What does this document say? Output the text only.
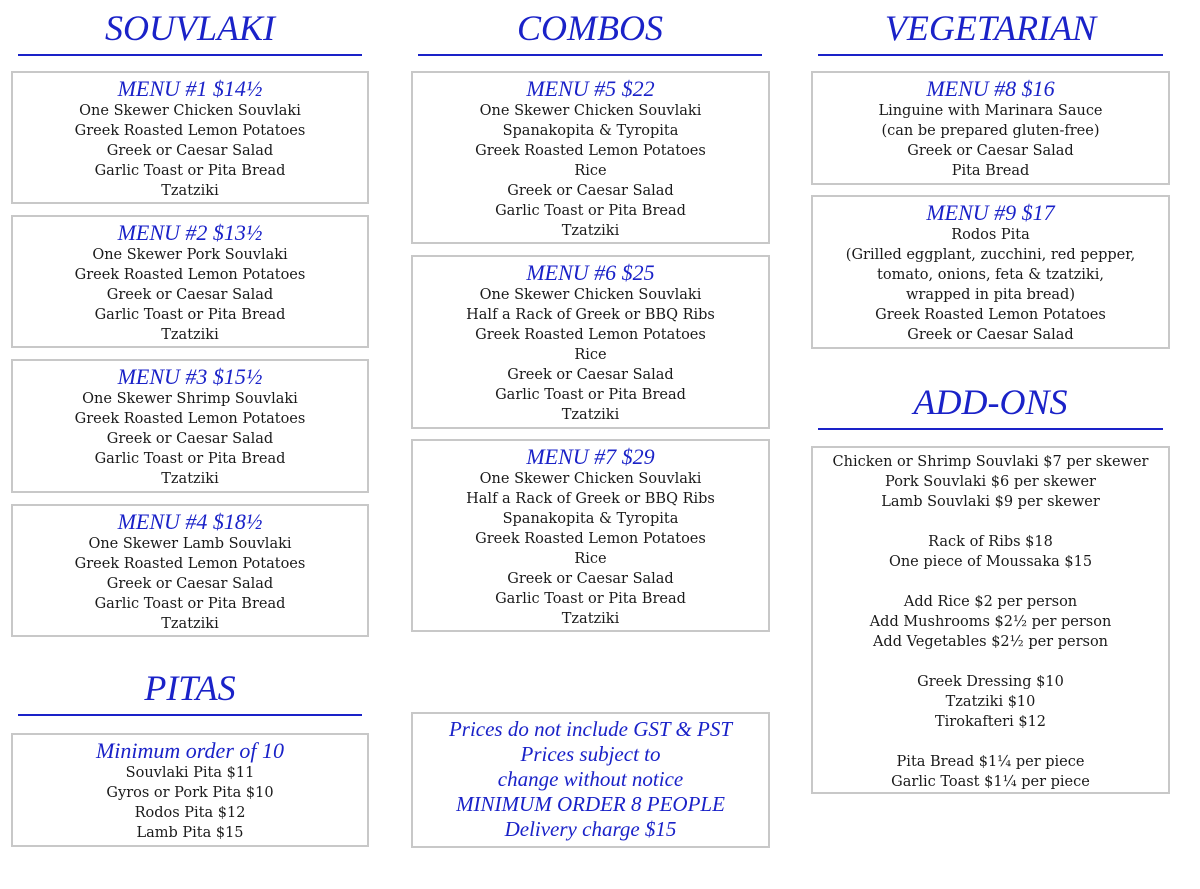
SOUVLAKI	COMBOS	VEGETARIAN
ADD-ONS
PITAS
MENU #1 $14½
One Skewer Chicken Souvlaki
Greek Roasted Lemon Potatoes
Greek or Caesar Salad
Garlic Toast or Pita Bread
Tzatziki
MENU #2 $13½
One Skewer Pork Souvlaki
Greek Roasted Lemon Potatoes
Greek or Caesar Salad
Garlic Toast or Pita Bread
Tzatziki
MENU #3 $15½
One Skewer Shrimp Souvlaki
Greek Roasted Lemon Potatoes
Greek or Caesar Salad
Garlic Toast or Pita Bread
Tzatziki
MENU #4 $18½
One Skewer Lamb Souvlaki
Greek Roasted Lemon Potatoes
Greek or Caesar Salad
Garlic Toast or Pita Bread
Tzatziki
Minimum order of 10
Souvlaki Pita $11
Gyros or Pork Pita $10
Rodos Pita $12
Lamb Pita $15
MENU #5 $22
One Skewer Chicken Souvlaki
Spanakopita & Tyropita
Greek Roasted Lemon Potatoes
Rice
Greek or Caesar Salad
Garlic Toast or Pita Bread
Tzatziki
MENU #6 $25
One Skewer Chicken Souvlaki
Half a Rack of Greek or BBQ Ribs
Greek Roasted Lemon Potatoes
Rice
Greek or Caesar Salad
Garlic Toast or Pita Bread
Tzatziki
MENU #7 $29
One Skewer Chicken Souvlaki
Half a Rack of Greek or BBQ Ribs
Spanakopita & Tyropita
Greek Roasted Lemon Potatoes
Rice
Greek or Caesar Salad
Garlic Toast or Pita Bread
Tzatziki
Prices do not include GST & PST
Prices subject to
change without notice
MINIMUM ORDER 8 PEOPLE
Delivery charge $15
MENU #8 $16
Linguine with Marinara Sauce
(can be prepared gluten-free)
Greek or Caesar Salad
Pita Bread
MENU #9 $17
Rodos Pita
(Grilled eggplant, zucchini, red pepper,
tomato, onions, feta & tzatziki,
wrapped in pita bread)
Greek Roasted Lemon Potatoes
Greek or Caesar Salad
Chicken or Shrimp Souvlaki $7 per skewer
Pork Souvlaki $6 per skewer
Lamb Souvlaki $9 per skewer
Rack of Ribs $18
One piece of Moussaka $15
Add Rice $2 per person
Add Mushrooms $2½ per person
Add Vegetables $2½ per person
Greek Dressing $10
Tzatziki $10
Tirokafteri $12
Pita Bread $1¼ per piece
Garlic Toast $1¼ per piece
